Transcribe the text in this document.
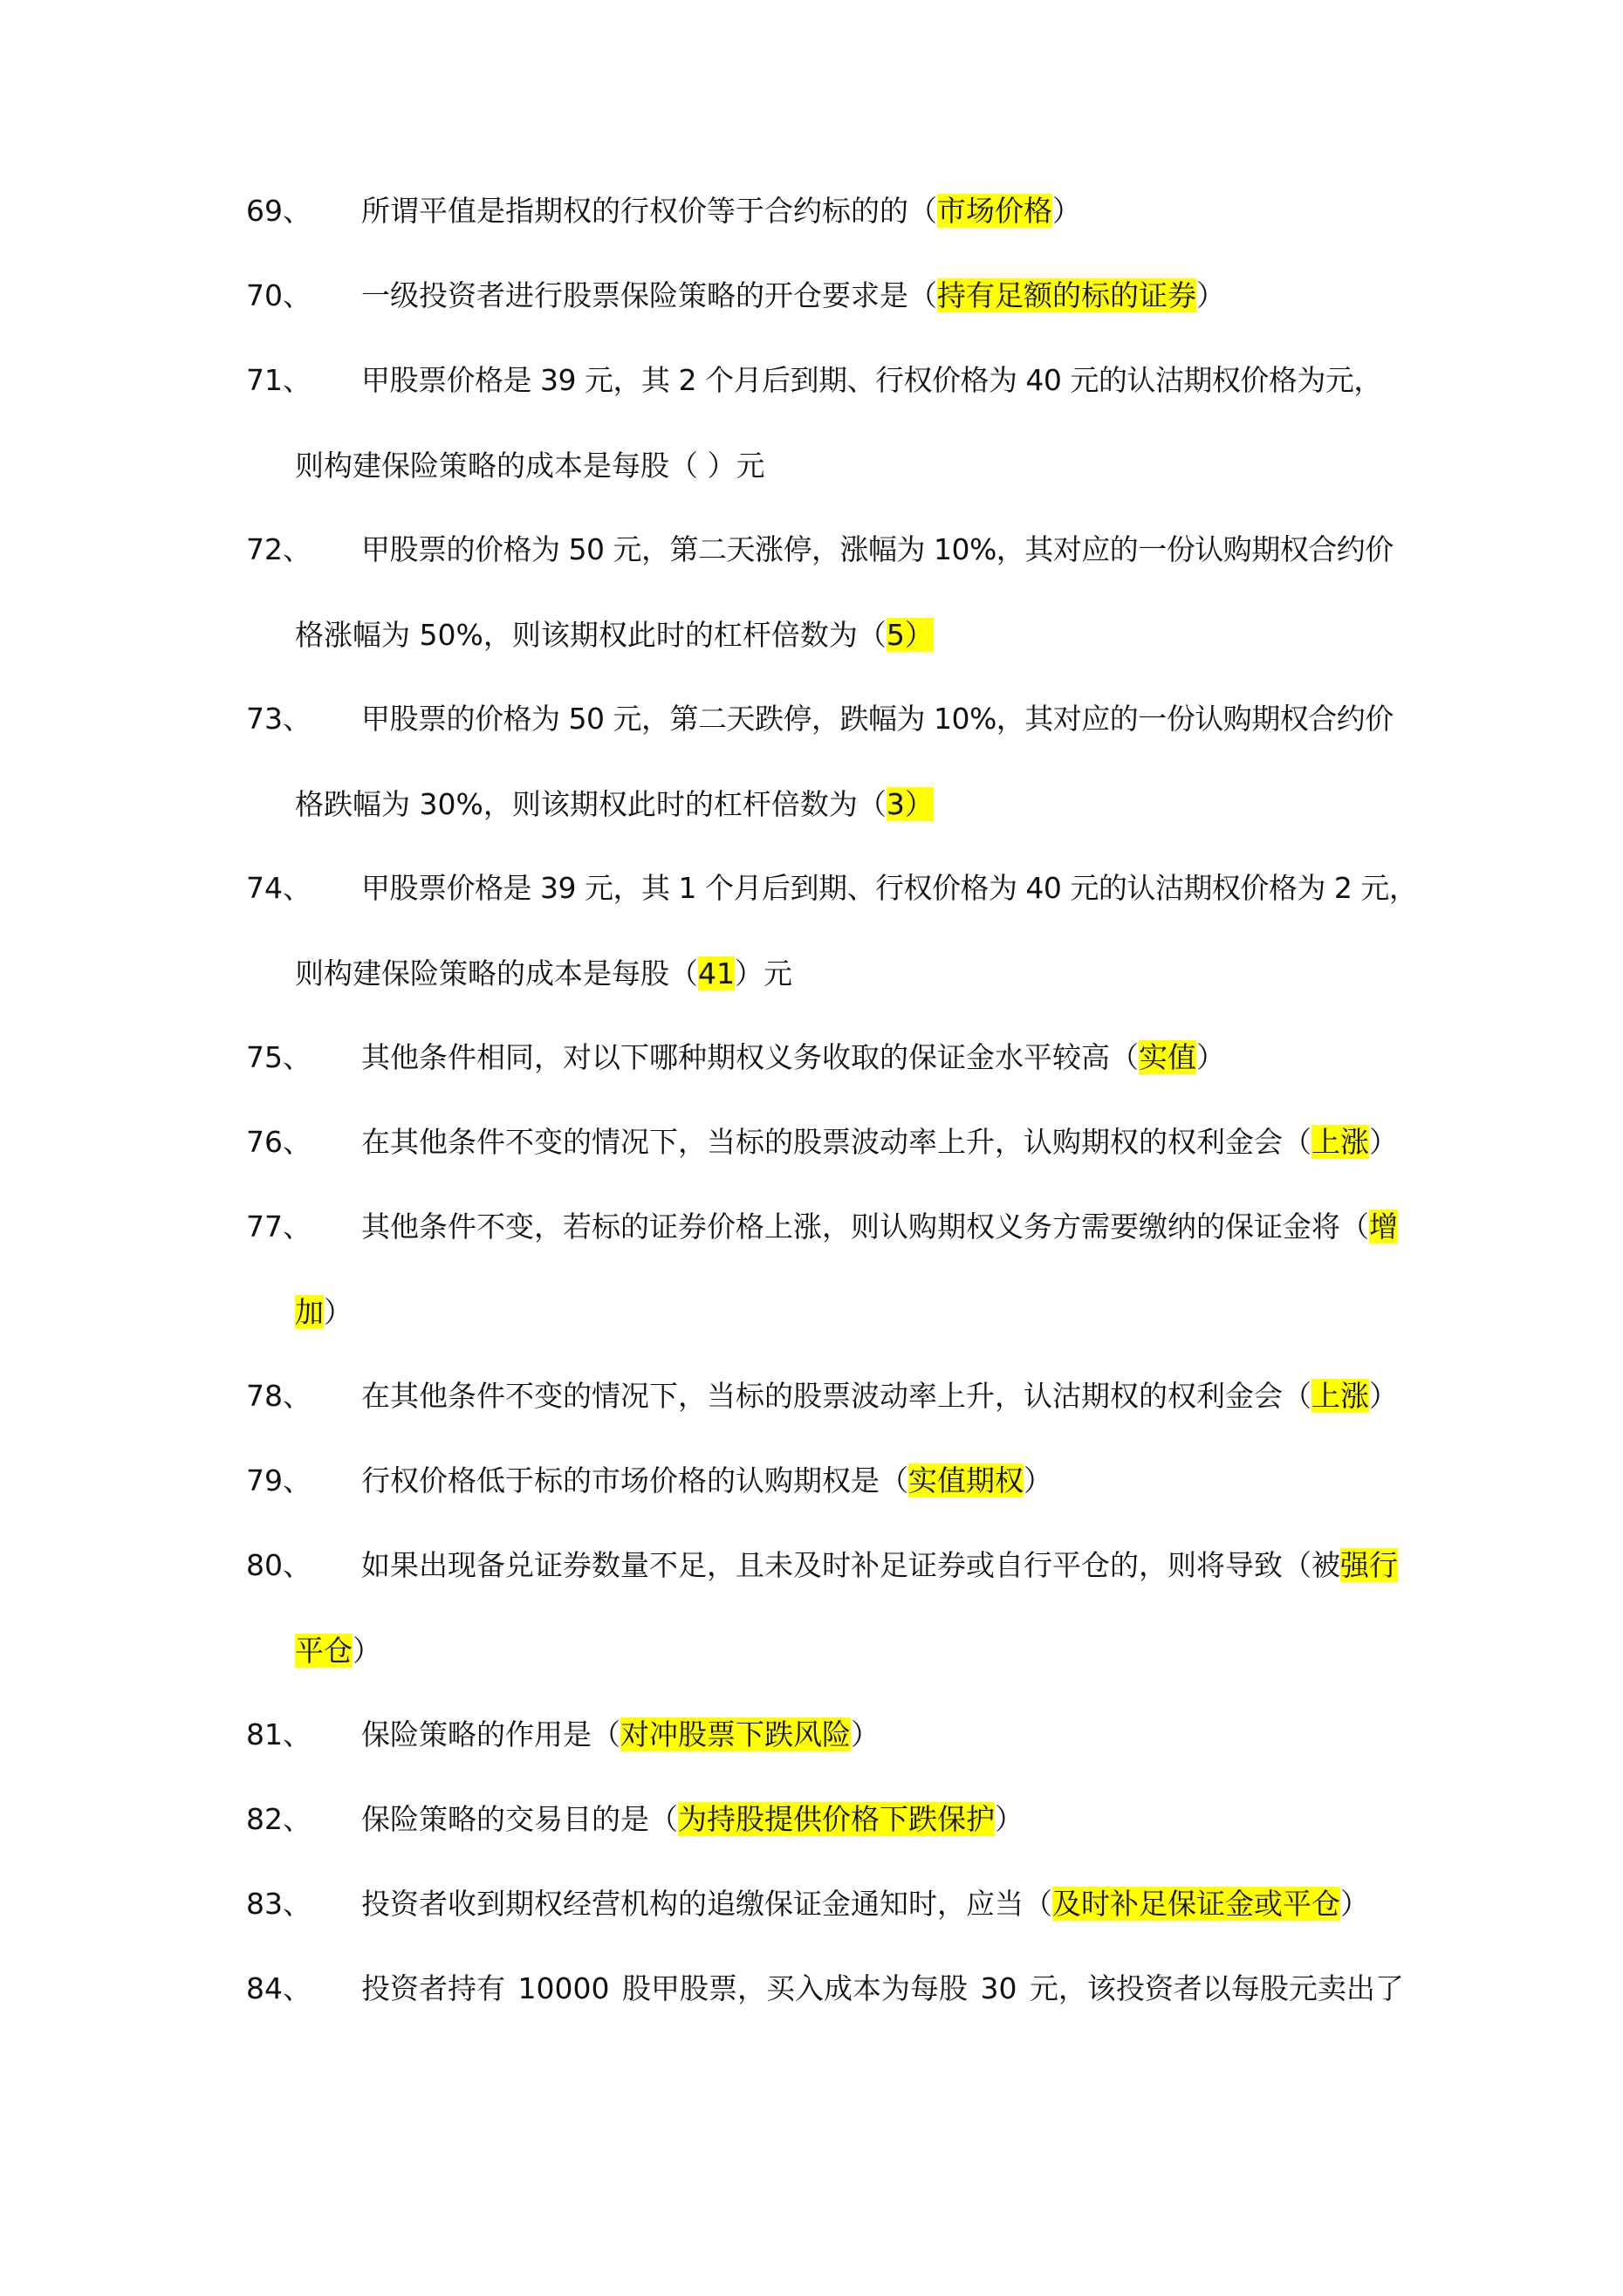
69、 所谓平值是指期权的行权价等于合约标的的（市场价格）
70、 一级投资者进行股票保险策略的开仓要求是（持有足额的标的证券）
71、 甲股票价格是 39 元，其 2 个月后到期、行权价格为 40 元的认沽期权价格为元，
则构建保险策略的成本是每股（ ）元
72、 甲股票的价格为 50 元，第二天涨停，涨幅为 10%，其对应的一份认购期权合约价
格涨幅为 50%，则该期权此时的杠杆倍数为（5）
73、 甲股票的价格为 50 元，第二天跌停，跌幅为 10%，其对应的一份认购期权合约价
格跌幅为 30%，则该期权此时的杠杆倍数为（3）
74、 甲股票价格是 39 元，其 1 个月后到期、行权价格为 40 元的认沽期权价格为 2 元，
则构建保险策略的成本是每股（41）元
75、 其他条件相同，对以下哪种期权义务收取的保证金水平较高（实值）
76、 在其他条件不变的情况下，当标的股票波动率上升，认购期权的权利金会（上涨）
77、 其他条件不变，若标的证券价格上涨，则认购期权义务方需要缴纳的保证金将（增
加）
78、 在其他条件不变的情况下，当标的股票波动率上升，认沽期权的权利金会（上涨）
79、 行权价格低于标的市场价格的认购期权是（实值期权）
80、 如果出现备兑证券数量不足，且未及时补足证券或自行平仓的，则将导致（被强行
平仓）
81、 保险策略的作用是（对冲股票下跌风险）
82、 保险策略的交易目的是（为持股提供价格下跌保护）
83、 投资者收到期权经营机构的追缴保证金通知时，应当（及时补足保证金或平仓）
84、 投资者持有 10000 股甲股票，买入成本为每股 30 元，该投资者以每股元卖出了
